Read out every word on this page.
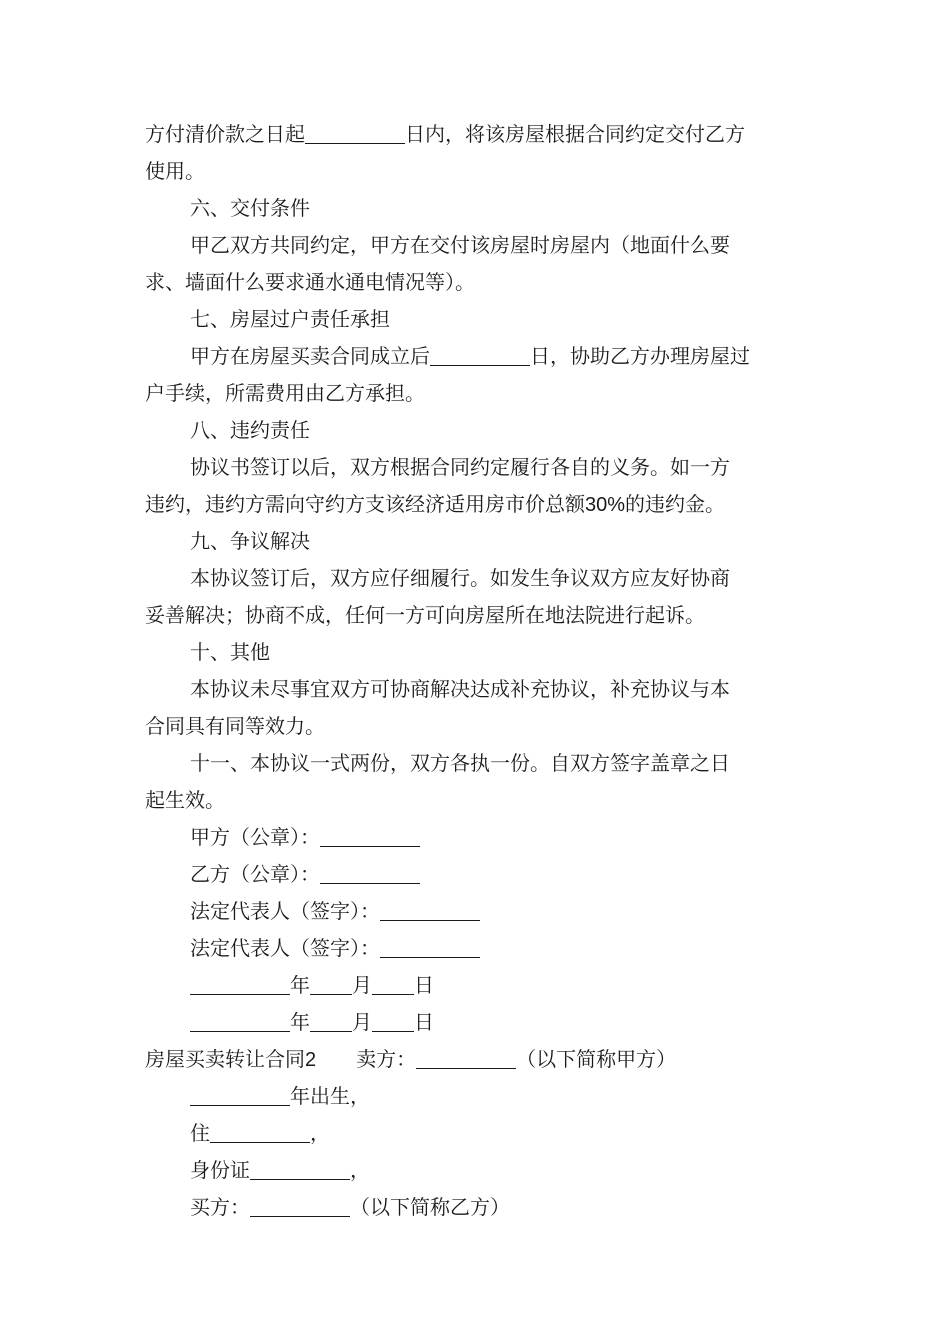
方付清价款之日起	日内，将该房屋根据合同约定交付乙方
使用。
六、交付条件
甲乙双方共同约定，甲方在交付该房屋时房屋内（地面什么要
求、墙面什么要求通水通电情况等）。
七、房屋过户责任承担
甲方在房屋买卖合同成立后	日，协助乙方办理房屋过
户手续，所需费用由乙方承担。
八、违约责任
协议书签订以后，双方根据合同约定履行各自的义务。如一方
违约，违约方需向守约方支该经济适用房市价总额30%的违约金。
九、争议解决
本协议签订后，双方应仔细履行。如发生争议双方应友好协商
妥善解决；协商不成，任何一方可向房屋所在地法院进行起诉。
十、其他
本协议未尽事宜双方可协商解决达成补充协议，补充协议与本
合同具有同等效力。
十一、本协议一式两份，双方各执一份。自双方签字盖章之日
起生效。
甲方（公章）：
乙方（公章）：
法定代表人（签字）：
法定代表人（签字）：
年 月 日
年 月 日
房屋买卖转让合同2 卖方：	（以下简称甲方）
年出生，
住	，
身份证	，
买方：	（以下简称乙方）
